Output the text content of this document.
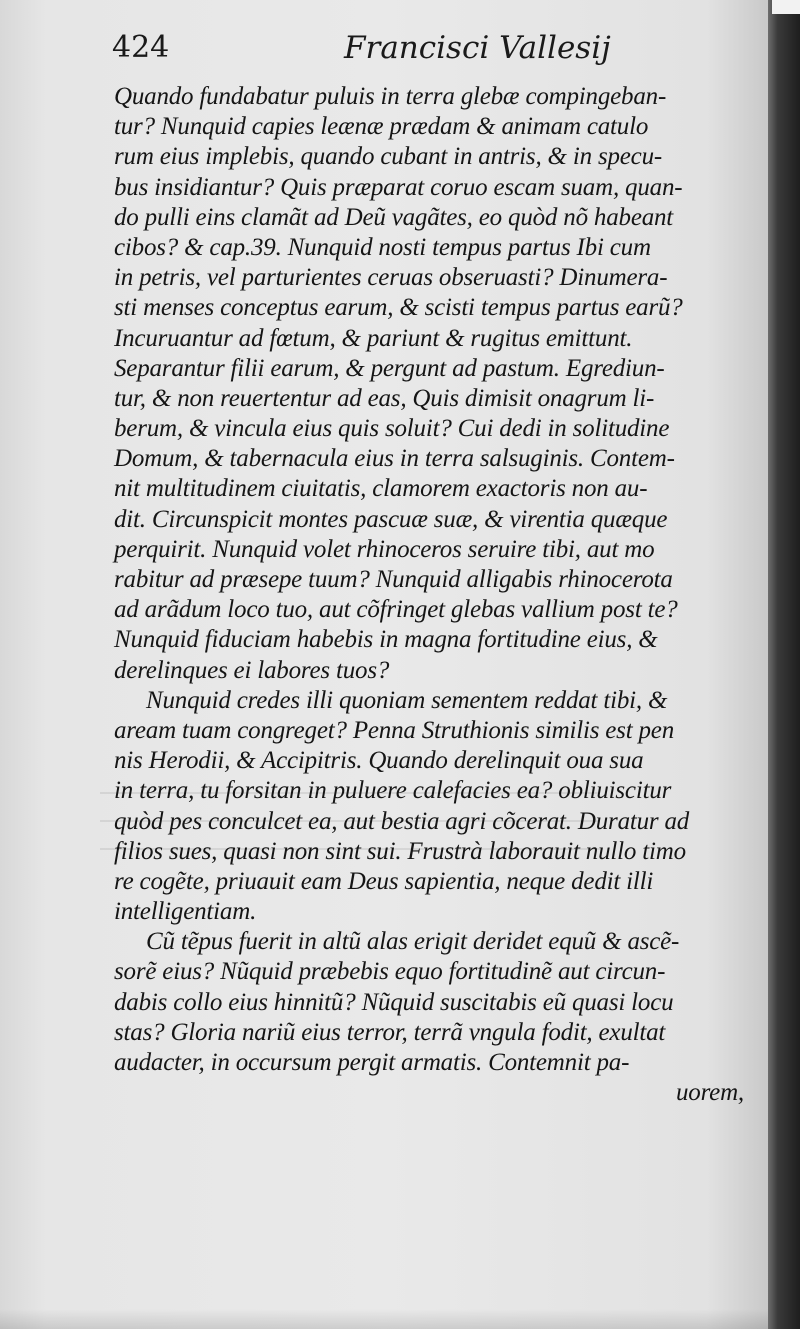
424	Francisci Vallesij
Quando fundabatur puluis in terra glebæ compingeban-
tur? Nunquid capies leænæ prædam & animam catulo
rum eius implebis, quando cubant in antris, & in specu-
bus insidiantur? Quis præparat coruo escam suam, quan-
do pulli eins clamãt ad Deũ vagãtes, eo quòd nõ habeant
cibos? & cap.39. Nunquid nosti tempus partus Ibi cum
in petris, vel parturientes ceruas obseruasti? Dinumera-
sti menses conceptus earum, & scisti tempus partus earũ?
Incuruantur ad fœtum, & pariunt & rugitus emittunt.
Separantur filii earum, & pergunt ad pastum. Egrediun-
tur, & non reuertentur ad eas, Quis dimisit onagrum li-
berum, & vincula eius quis soluit? Cui dedi in solitudine
Domum, & tabernacula eius in terra salsuginis. Contem-
nit multitudinem ciuitatis, clamorem exactoris non au-
dit. Circunspicit montes pascuæ suæ, & virentia quæque
perquirit. Nunquid volet rhinoceros seruire tibi, aut mo
rabitur ad præsepe tuum? Nunquid alligabis rhinocerota
ad arãdum loco tuo, aut cõfringet glebas vallium post te?
Nunquid fiduciam habebis in magna fortitudine eius, &
derelinques ei labores tuos?
Nunquid credes illi quoniam sementem reddat tibi, &
aream tuam congreget? Penna Struthionis similis est pen
nis Herodii, & Accipitris. Quando derelinquit oua sua
in terra, tu forsitan in puluere calefacies ea? obliuiscitur
quòd pes conculcet ea, aut bestia agri cõcerat. Duratur ad
filios sues, quasi non sint sui. Frustrà laborauit nullo timo
re cogẽte, priuauit eam Deus sapientia, neque dedit illi
intelligentiam.
Cũ tẽpus fuerit in altũ alas erigit deridet equũ & ascẽ-
sorẽ eius? Nũquid præbebis equo fortitudinẽ aut circun-
dabis collo eius hinnitũ? Nũquid suscitabis eũ quasi locu
stas? Gloria nariũ eius terror, terrã vngula fodit, exultat
audacter, in occursum pergit armatis. Contemnit pa-
uorem,
